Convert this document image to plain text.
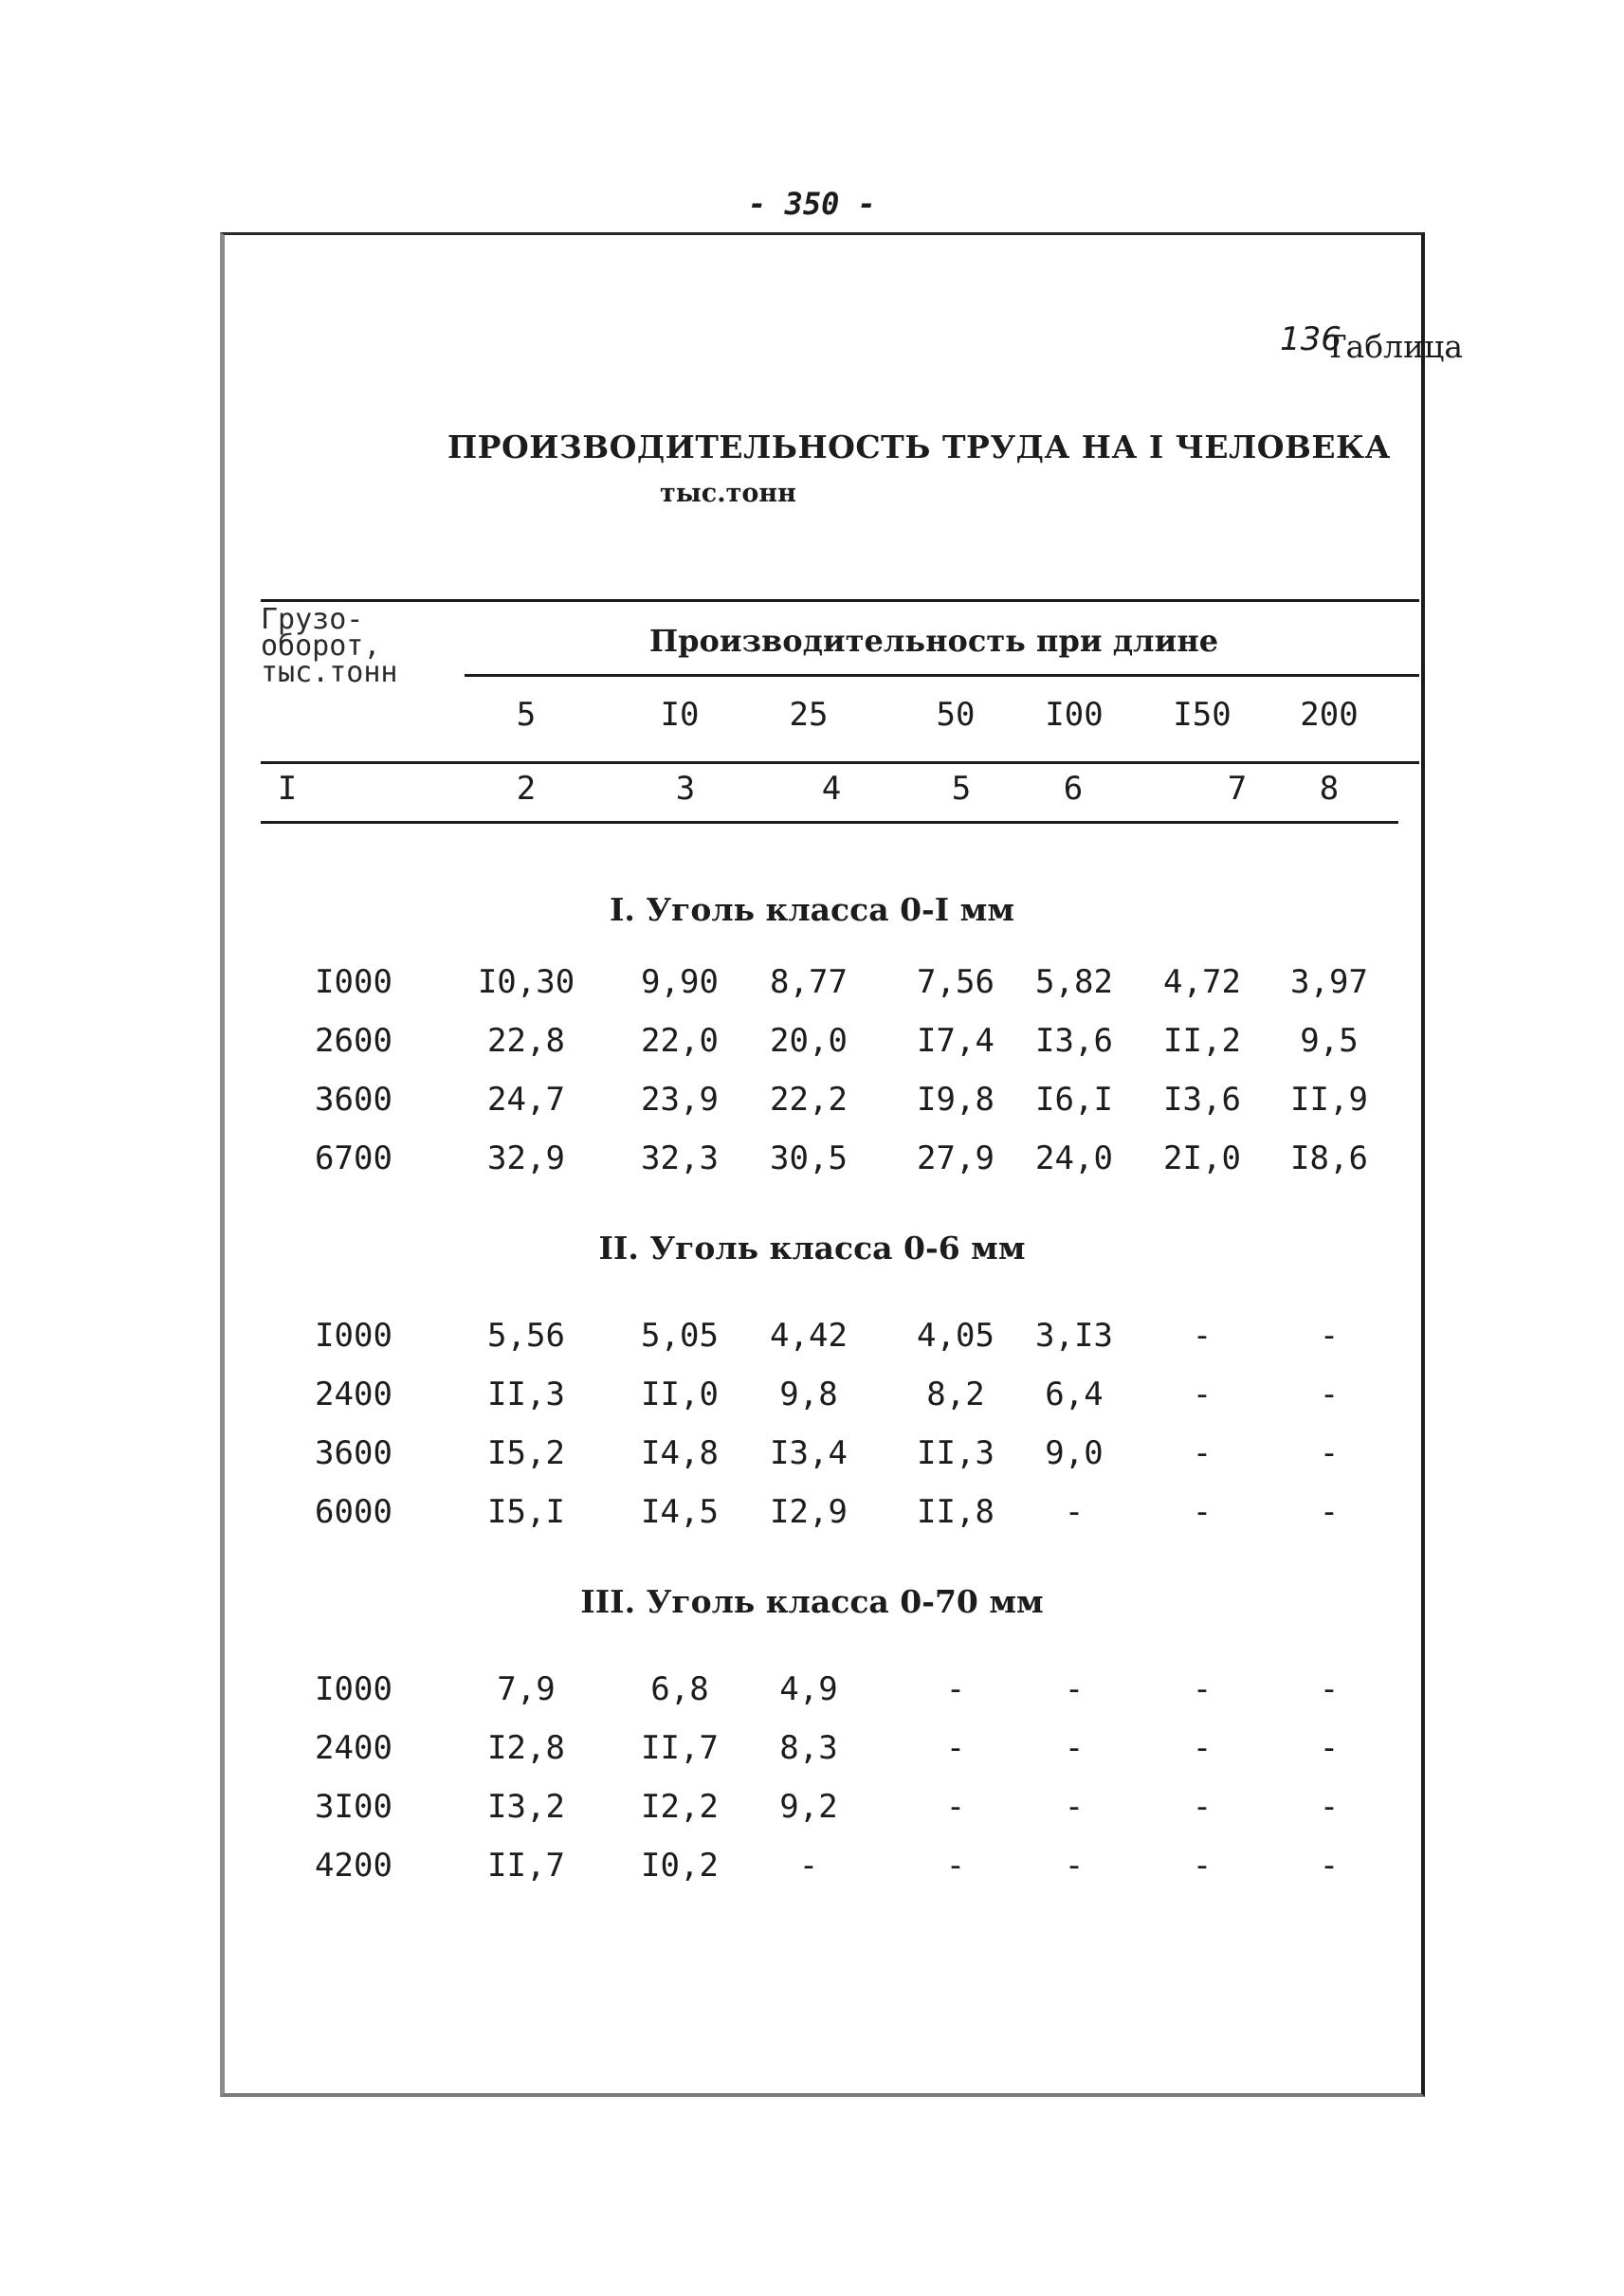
- 350 -
Таблица
136
ПРОИЗВОДИТЕЛЬНОСТЬ ТРУДА НА I ЧЕЛОВЕКА
тыс.тонн
Грузо-
оборот,
тыс.тонн
Производительность при длине
5	I0	25	50 I00 I50 200
I	2	3	4	5	6	7 8
I. Уголь класса 0-I мм
I000	I0,30 9,90 8,77 7,56 5,82 4,72 3,97
2600	22,8 22,0 20,0 I7,4 I3,6 II,2 9,5
3600	24,7 23,9 22,2 I9,8 I6,I I3,6 II,9
6700	32,9 32,3 30,5 27,9 24,0 2I,0 I8,6
II. Уголь класса 0-6 мм
I000	5,56 5,05 4,42 4,05 3,I3 -	-
2400	II,3 II,0 9,8	8,2 6,4	-	-
3600	I5,2 I4,8 I3,4 II,3 9,0	-	-
6000	I5,I I4,5 I2,9 II,8 -	-	-
III. Уголь класса 0-70 мм
I000	7,9	6,8 4,9	-	-	-	-
2400	I2,8 II,7 8,3	-	-	-	-
3I00	I3,2 I2,2 9,2	-	-	-	-
4200	II,7 I0,2 -	-	-	-	-
